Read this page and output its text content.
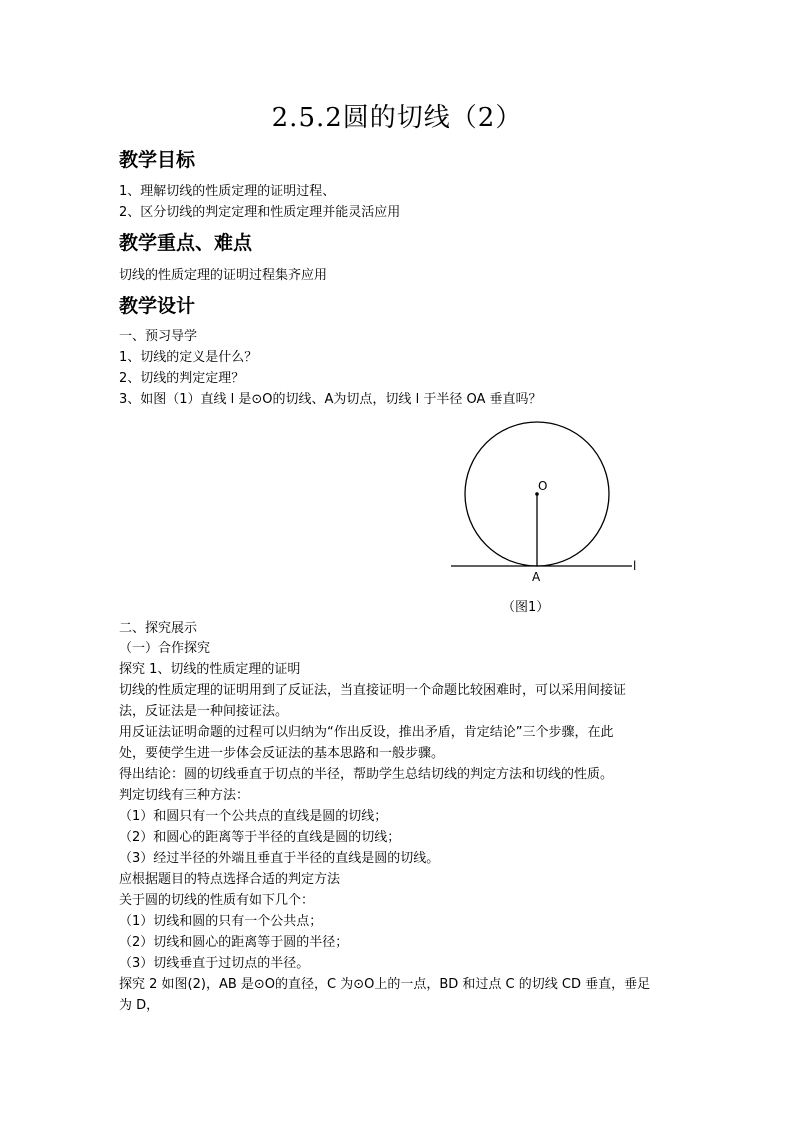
2.5.2圆的切线（2）
教学目标
1、理解切线的性质定理的证明过程、
2、区分切线的判定定理和性质定理并能灵活应用
教学重点、难点
切线的性质定理的证明过程集齐应用
教学设计
一、预习导学
1、切线的定义是什么？
2、切线的判定定理？
3、如图（1）直线 l 是⊙O的切线、A为切点，切线 l 于半径 OA 垂直吗？
O
A
l
（图1）
二、探究展示
（一）合作探究
探究 1、切线的性质定理的证明
切线的性质定理的证明用到了反证法，当直接证明一个命题比较困难时，可以采用间接证
法，反证法是一种间接证法。
用反证法证明命题的过程可以归纳为“作出反设，推出矛盾，肯定结论”三个步骤，在此
处，要使学生进一步体会反证法的基本思路和一般步骤。
得出结论：圆的切线垂直于切点的半径，帮助学生总结切线的判定方法和切线的性质。
判定切线有三种方法：
（1）和圆只有一个公共点的直线是圆的切线；
（2）和圆心的距离等于半径的直线是圆的切线；
（3）经过半径的外端且垂直于半径的直线是圆的切线。
应根据题目的特点选择合适的判定方法
关于圆的切线的性质有如下几个：
（1）切线和圆的只有一个公共点；
（2）切线和圆心的距离等于圆的半径；
（3）切线垂直于过切点的半径。
探究 2 如图(2)，AB 是⊙O的直径，C 为⊙O上的一点，BD 和过点 C 的切线 CD 垂直，垂足
为 D，
